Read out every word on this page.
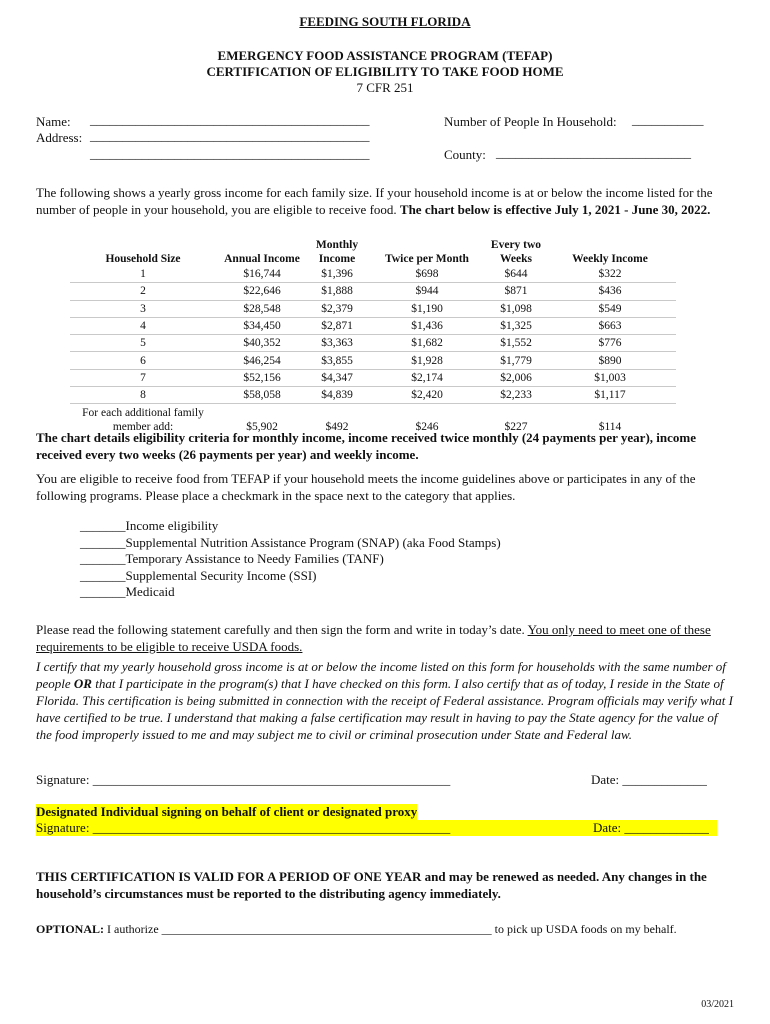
FEEDING SOUTH FLORIDA
EMERGENCY FOOD ASSISTANCE PROGRAM (TEFAP)
CERTIFICATION OF ELIGIBILITY TO TAKE FOOD HOME
7 CFR 251
Name: ___________________________________________
Address: ___________________________________________
___________________________________________
Number of People In Household: ___________
County: ______________________________
The following shows a yearly gross income for each family size. If your household income is at or below the income listed for the number of people in your household, you are eligible to receive food. The chart below is effective July 1, 2021 - June 30, 2022.
Household Size	Annual Income	Monthly Income	Twice per Month	Every two Weeks	Weekly Income
1	$16,744	$1,396	$698	$644	$322
2	$22,646	$1,888	$944	$871	$436
3	$28,548	$2,379	$1,190	$1,098	$549
4	$34,450	$2,871	$1,436	$1,325	$663
5	$40,352	$3,363	$1,682	$1,552	$776
6	$46,254	$3,855	$1,928	$1,779	$890
7	$52,156	$4,347	$2,174	$2,006	$1,003
8	$58,058	$4,839	$2,420	$2,233	$1,117
For each additional family member add:	$5,902	$492	$246	$227	$114
The chart details eligibility criteria for monthly income, income received twice monthly (24 payments per year), income received every two weeks (26 payments per year) and weekly income.
You are eligible to receive food from TEFAP if your household meets the income guidelines above or participates in any of the following programs. Please place a checkmark in the space next to the category that applies.
_______Income eligibility
_______Supplemental Nutrition Assistance Program (SNAP) (aka Food Stamps)
_______Temporary Assistance to Needy Families (TANF)
_______Supplemental Security Income (SSI)
_______Medicaid
Please read the following statement carefully and then sign the form and write in today’s date. You only need to meet one of these requirements to be eligible to receive USDA foods.
I certify that my yearly household gross income is at or below the income listed on this form for households with the same number of people OR that I participate in the program(s) that I have checked on this form. I also certify that as of today, I reside in the State of Florida. This certification is being submitted in connection with the receipt of Federal assistance. Program officials may verify what I have certified to be true. I understand that making a false certification may result in having to pay the State agency for the value of the food improperly issued to me and may subject me to civil or criminal prosecution under State and Federal law.
Signature: _______________________________________________________	Date: _____________
Designated Individual signing on behalf of client or designated proxy
Signature: _______________________________________________________	Date: _____________
THIS CERTIFICATION IS VALID FOR A PERIOD OF ONE YEAR and may be renewed as needed. Any changes in the household’s circumstances must be reported to the distributing agency immediately.
OPTIONAL: I authorize _______________________________________________________ to pick up USDA foods on my behalf.
03/2021
